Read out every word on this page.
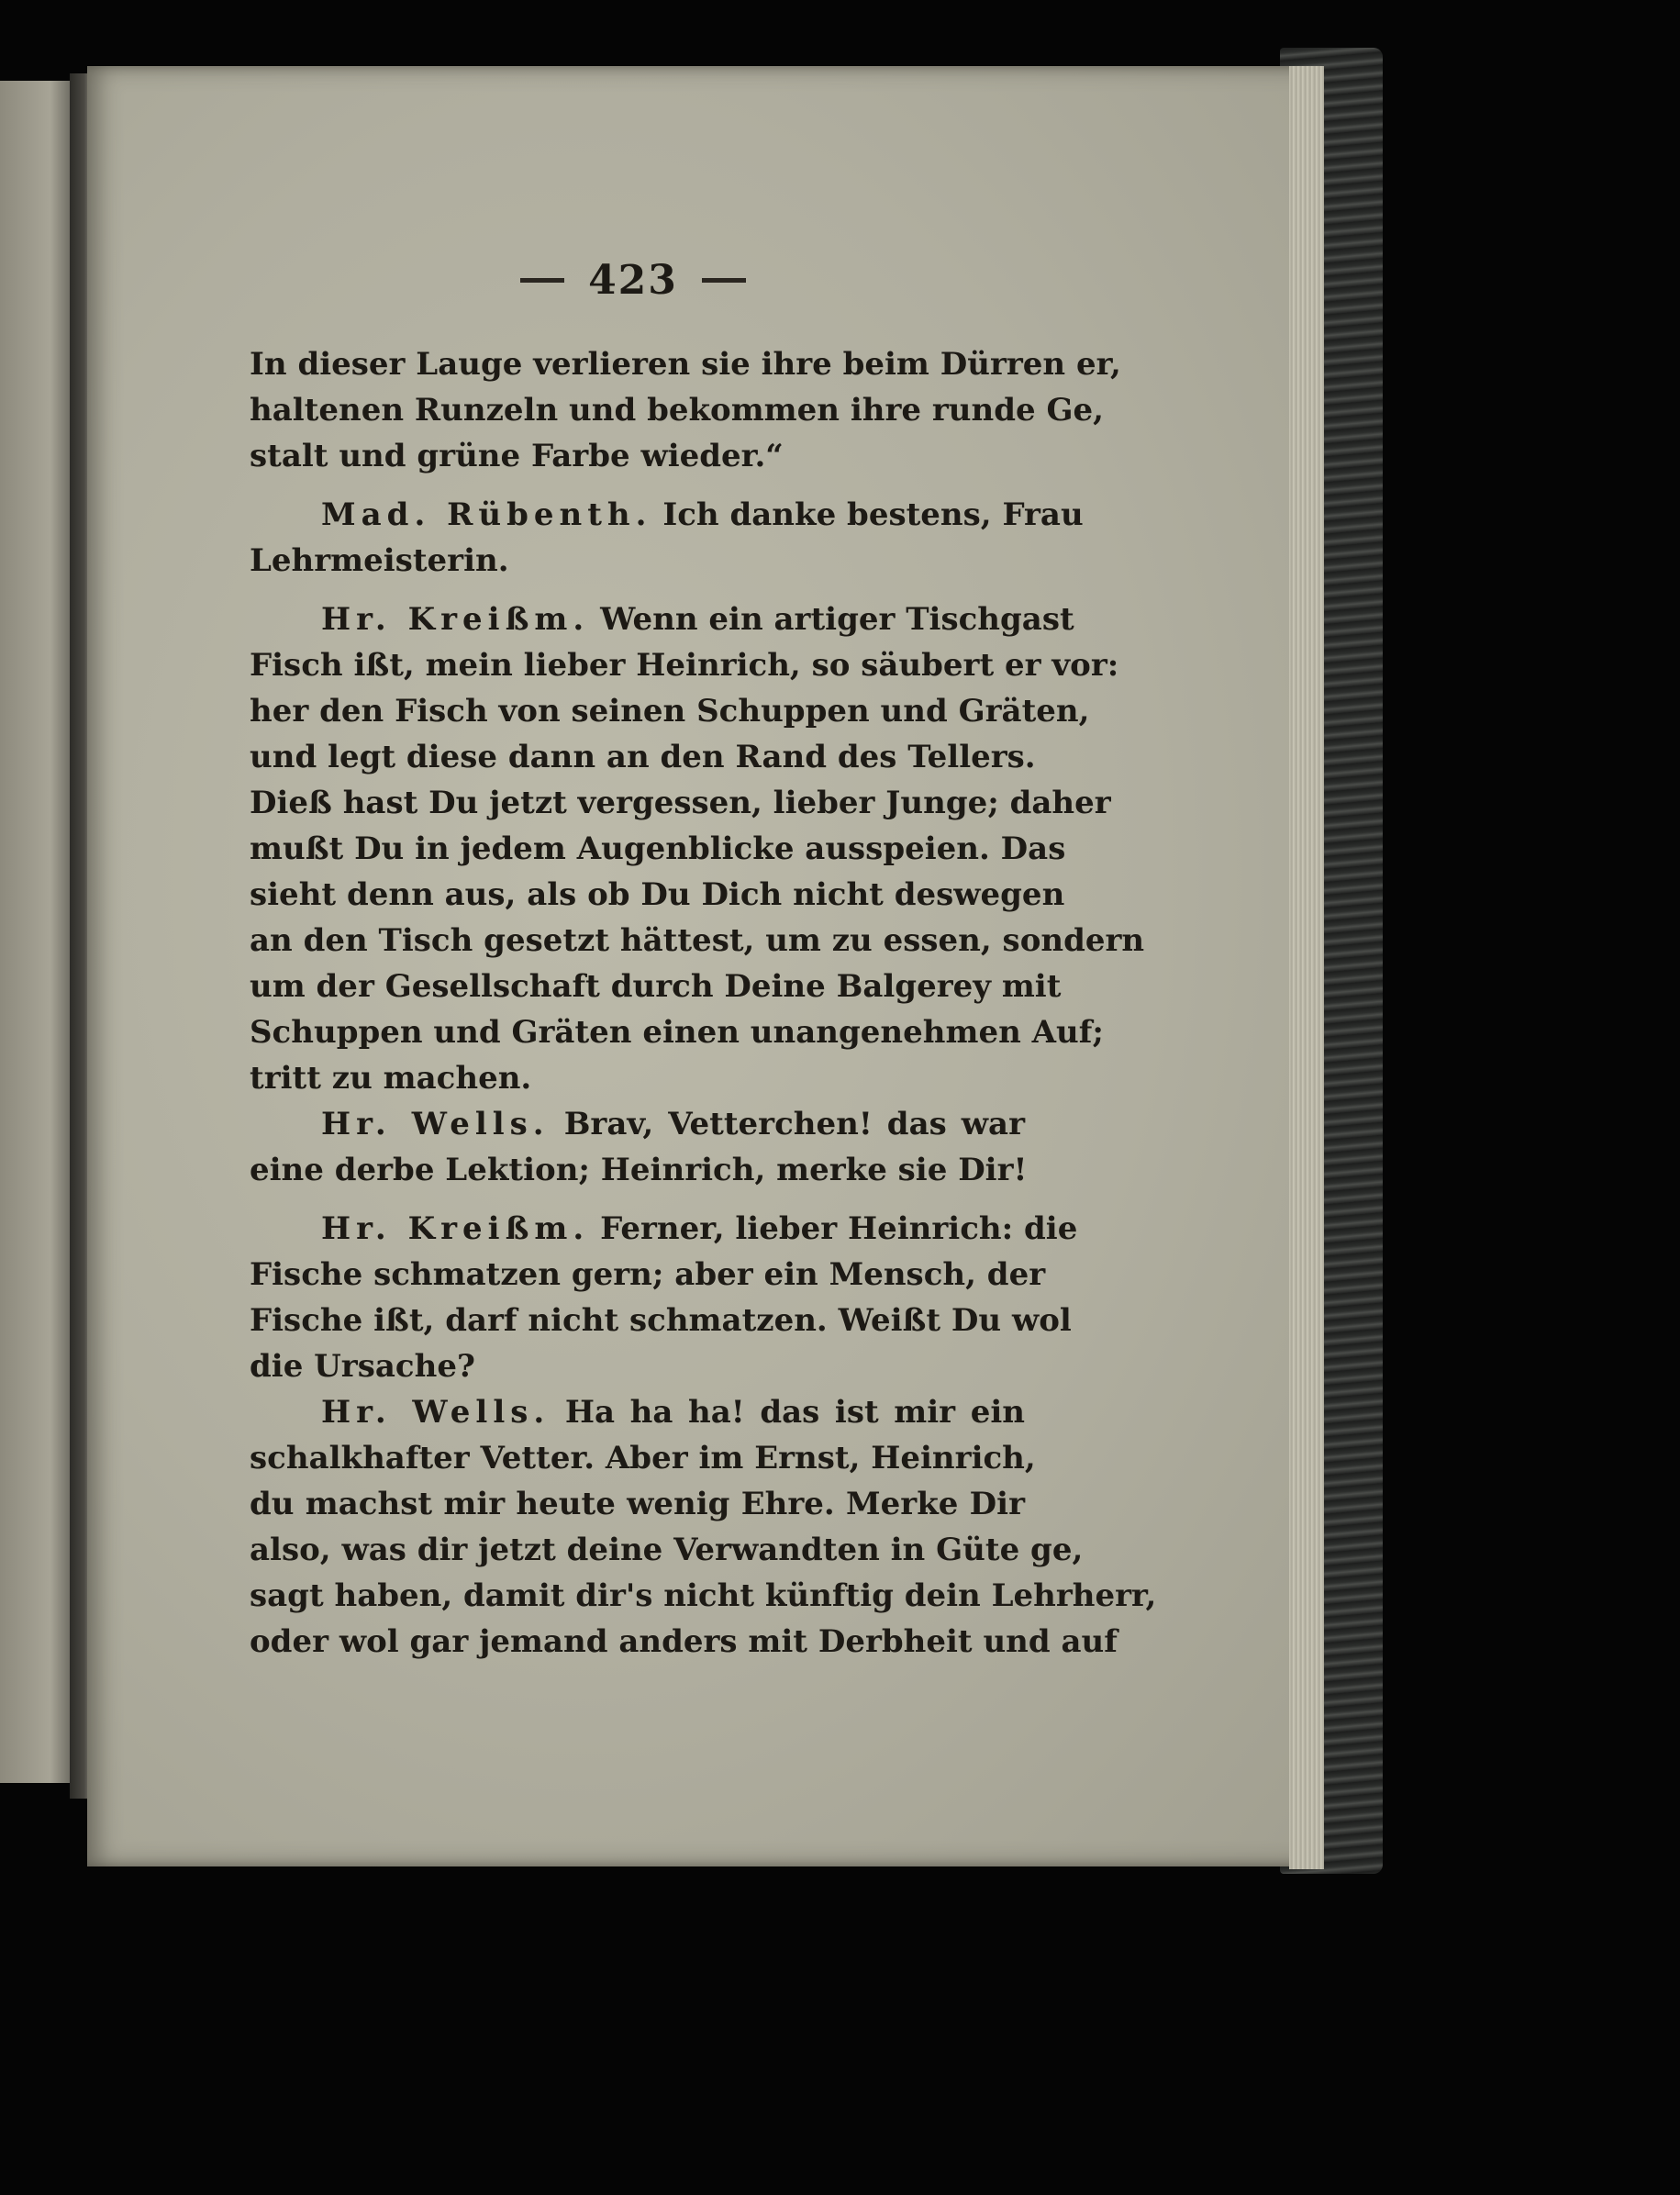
423
In dieser Lauge verlieren sie ihre beim Dürren er,
haltenen Runzeln und bekommen ihre runde Ge,
stalt und grüne Farbe wieder.“
Mad. Rübenth. Ich danke bestens, Frau
Lehrmeisterin.
Hr. Kreißm. Wenn ein artiger Tischgast
Fisch ißt, mein lieber Heinrich, so säubert er vor:
her den Fisch von seinen Schuppen und Gräten,
und legt diese dann an den Rand des Tellers.
Dieß hast Du jetzt vergessen, lieber Junge; daher
mußt Du in jedem Augenblicke ausspeien. Das
sieht denn aus, als ob Du Dich nicht deswegen
an den Tisch gesetzt hättest, um zu essen, sondern
um der Gesellschaft durch Deine Balgerey mit
Schuppen und Gräten einen unangenehmen Auf;
tritt zu machen.
Hr. Wells. Brav, Vetterchen! das war
eine derbe Lektion; Heinrich, merke sie Dir!
Hr. Kreißm. Ferner, lieber Heinrich: die
Fische schmatzen gern; aber ein Mensch, der
Fische ißt, darf nicht schmatzen. Weißt Du wol
die Ursache?
Hr. Wells. Ha ha ha! das ist mir ein
schalkhafter Vetter. Aber im Ernst, Heinrich,
du machst mir heute wenig Ehre. Merke Dir
also, was dir jetzt deine Verwandten in Güte ge,
sagt haben, damit dir's nicht künftig dein Lehrherr,
oder wol gar jemand anders mit Derbheit und auf
